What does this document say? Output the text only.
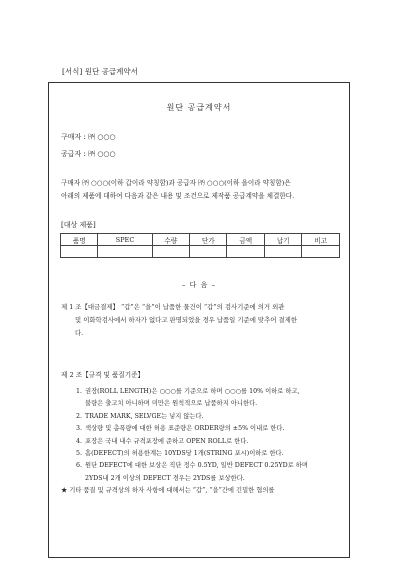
[서식] 원단 공급계약서
원단 공급계약서
구매자 : ㈜ ○○○
공급자 : ㈜ ○○○
구매자 ㈜ ○○○(이하 갑이라 약칭함)과 공급자 ㈜ ○○○(이하 을이라 약칭함)은
아래의 제품에 대하여 다음과 같은 내용 및 조건으로 제작품 공급계약을 체결한다.
[대상 제품]
품명	SPEC	수량	단가	금액	납기	비고

– 다 음 –
제 1 조【대금결제】 “갑”은 “을”이 납품한 물건이 “갑”의 검사기준에 의거 외관
및 이화학검사에서 하자가 없다고 판명되었을 경우 납품일 기준에 맞추어 결제한
다.
제 2 조【규격 및 품질기준】
1. 권장(ROLL LENGTH)은 ○○○를 기준으로 하며 ○○○를 10% 이하로 하고,
불량은 출고치 아니하며 미만은 원칙적으로 납품하지 아니한다.
2. TRADE MARK, SELVGE는 넣지 않는다.
3. 색상량 및 총폭량에 대한 허용 표준량은 ORDER량의 ±5% 이내로 한다.
4. 포장은 국내 내수 규격포장에 준하고 OPEN ROLL로 한다.
5. 흠(DEFECT)의 허용한계는 10YDS당 1개(STRING 포시)이하로 한다.
6. 원단 DEFECT에 대한 보상은 직단 정수 0.5YD, 일반 DEFECT 0.25YD로 하며
2YDS내 2개 이상의 DEFECT 경우는 2YDS를 보상한다.
★ 기타 품질 및 규격상의 하자 사항에 대해서는 “갑”, “을”간에 긴밀한 협의를
